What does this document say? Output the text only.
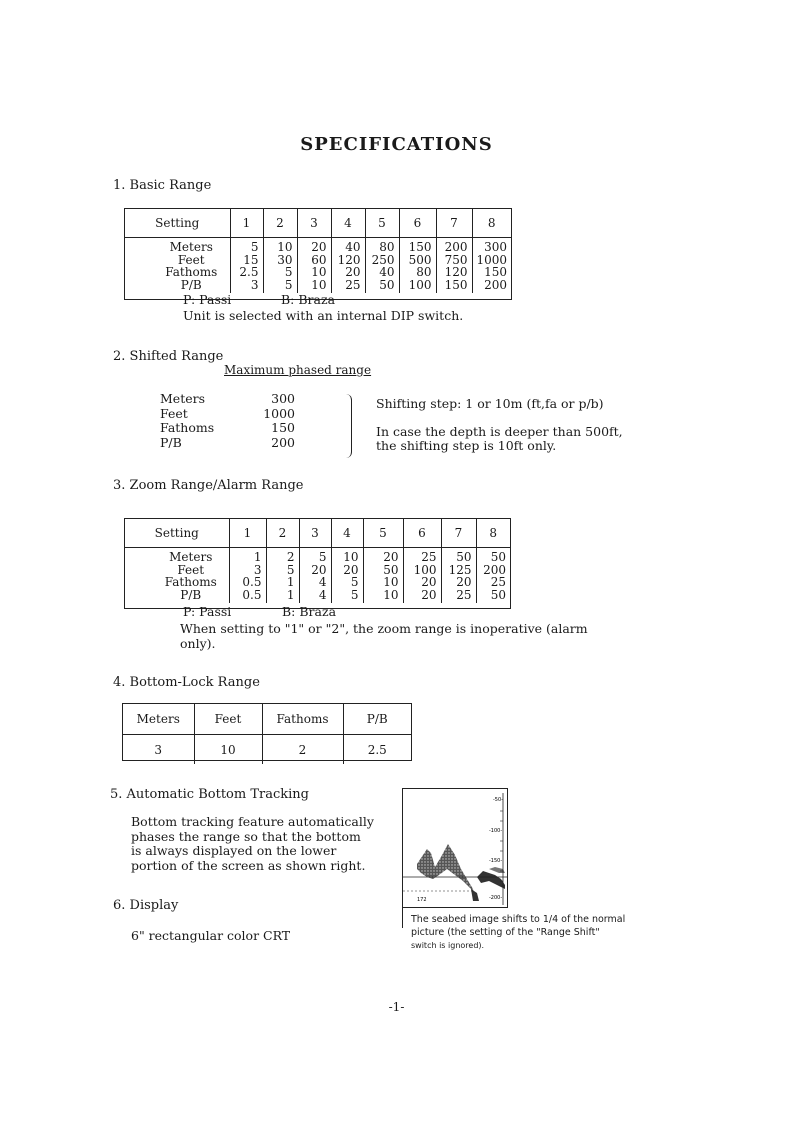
SPECIFICATIONS
1. Basic Range
Setting	1	2	3	4	5	6	7	8
Meters	5	10	20	40	80	150	200	300
Feet	15	30	60	120	250	500	750	1000
Fathoms	2.5	5	10	20	40	80	120	150
P/B	3	5	10	25	50	100	150	200
P: Passi	B: Braza
Unit is selected with an internal DIP switch.
2. Shifted Range
Maximum phased range
Meters	300
Feet	1000
Fathoms	150
P/B	200
Shifting step: 1 or 10m (ft,fa or p/b)
In case the depth is deeper than 500ft,
the shifting step is 10ft only.
3. Zoom Range/Alarm Range
Setting	1	2	3	4	5	6	7	8
Meters	1	2	5	10	20	25	50	50
Feet	3	5	20	20	50	100	125	200
Fathoms	0.5	1	4	5	10	20	20	25
P/B	0.5	1	4	5	10	20	25	50
P: Passi	B: Braza
When setting to "1" or "2", the zoom range is inoperative (alarm
only).
4. Bottom-Lock Range
Meters	Feet	Fathoms	P/B
3	10	2	2.5
5. Automatic Bottom Tracking
Bottom tracking feature automatically
phases the range so that the bottom
is always displayed on the lower
portion of the screen as shown right.
-50-
-100-
-150-
-200-
172
The seabed image shifts to 1/4 of the normal
picture (the setting of the "Range Shift"
switch is ignored).
6. Display
6" rectangular color CRT
-1-
